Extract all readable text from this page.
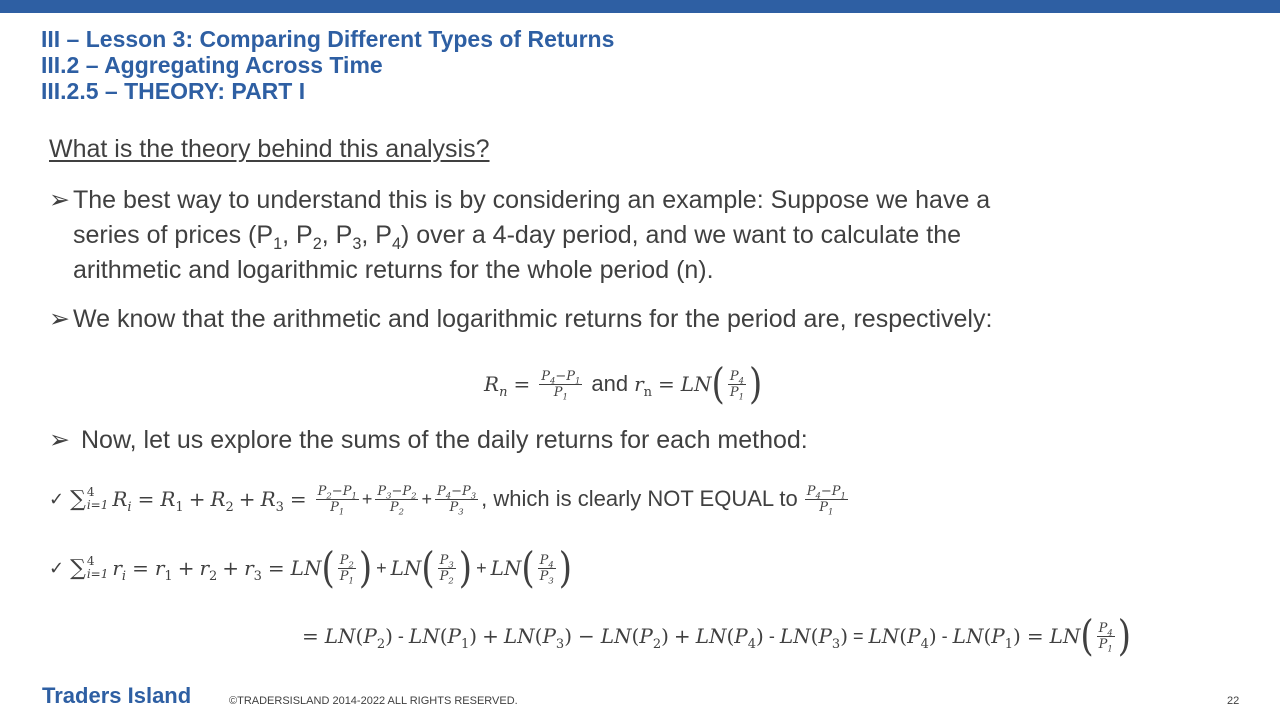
III – Lesson 3: Comparing Different Types of Returns
III.2 – Aggregating Across Time
III.2.5 – THEORY: PART I
What is the theory behind this analysis?
➢ The best way to understand this is by considering an example: Suppose we have a
series of prices ($P_1$, $P_2$, $P_3$, $P_4$) over a 4-day period, and we want to calculate the
arithmetic and logarithmic returns for the whole period (n).
➢ We know that the arithmetic and logarithmic returns for the period are, respectively:
$R_n = \frac{P_4-P_1}{P_1}$ and $r_n$ = LN ( $\frac{P_4}{P_1}$ )
➢ Now, let us explore the sums of the daily returns for each method:
✓ ∑ 4
i=1 $R_i = R_1 + R_2 + R_3 = \frac{P_2-P_1}{P_1} + \frac{P_3-P_2}{P_2} + \frac{P_4-P_3}{P_3}$ , which is clearly NOT EQUAL to $\frac{P_4-P_1}{P_1}$
✓ ∑ 4
i=1 $r_i = r_1 + r_2 + r_3$ = LN ( $\frac{P_2}{P_1}$ ) + LN ( $\frac{P_3}{P_2}$ ) + LN ( $\frac{P_4}{P_3}$ )
= LN ( $P_2$ ) - LN ( $P_1$ ) + LN ( $P_3$ ) − LN ( $P_2$ ) + LN ( $P_4$ ) - LN ( $P_3$ ) = LN ( $P_4$ ) - LN ( $P_1$ ) = LN ( $\frac{P_4}{P_1}$ )
Traders Island	©TRADERSISLAND 2014-2022 ALL RIGHTS RESERVED.	22
